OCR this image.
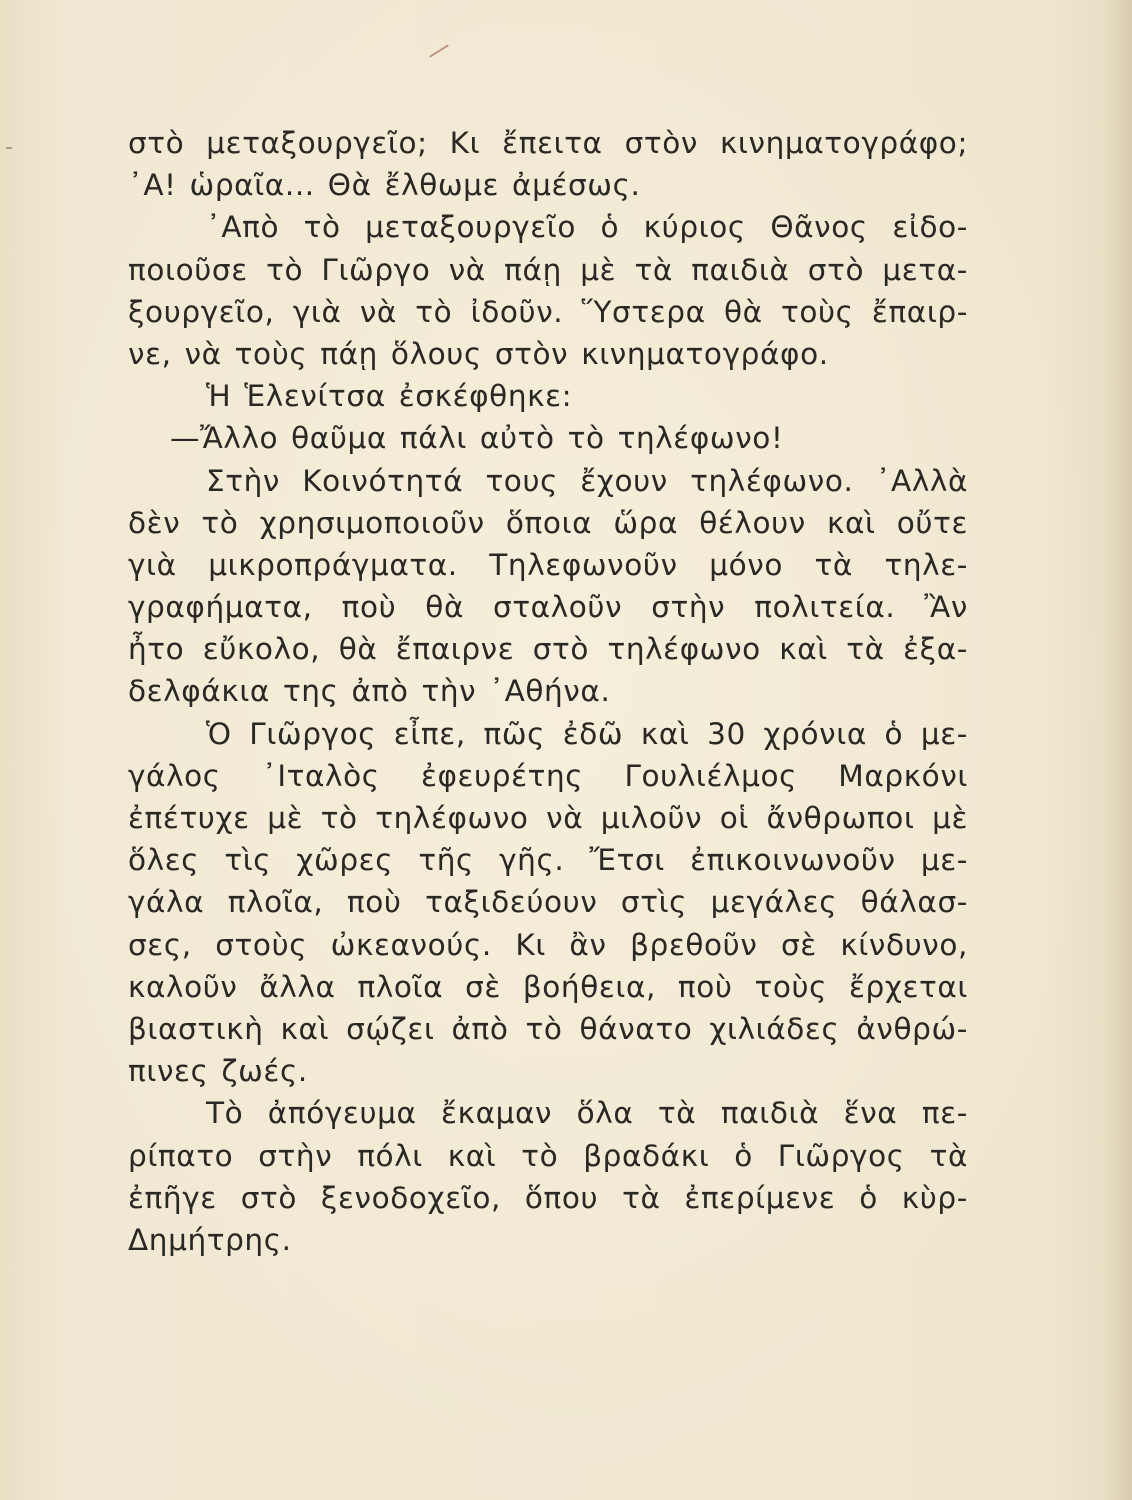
στὸ μεταξουργεῖο; Κι ἔπειτα στὸν κινηματογράφο;
᾿Α! ὡραῖα... Θὰ ἔλθωμε ἀμέσως.
᾿Απὸ τὸ μεταξουργεῖο ὁ κύριος Θᾶνος εἰδο-
ποιοῦσε τὸ Γιῶργο νὰ πάῃ μὲ τὰ παιδιὰ στὸ μετα-
ξουργεῖο, γιὰ νὰ τὸ ἰδοῦν. Ὕστερα θὰ τοὺς ἔπαιρ-
νε, νὰ τοὺς πάῃ ὅλους στὸν κινηματογράφο.
Ἡ Ἑλενίτσα ἐσκέφθηκε:
—Ἄλλο θαῦμα πάλι αὐτὸ τὸ τηλέφωνο!
Στὴν Κοινότητά τους ἔχουν τηλέφωνο. ᾿Αλλὰ
δὲν τὸ χρησιμοποιοῦν ὅποια ὥρα θέλουν καὶ οὔτε
γιὰ μικροπράγματα. Τηλεφωνοῦν μόνο τὰ τηλε-
γραφήματα, ποὺ θὰ σταλοῦν στὴν πολιτεία. Ἂν
ἦτο εὔκολο, θὰ ἔπαιρνε στὸ τηλέφωνο καὶ τὰ ἐξα-
δελφάκια της ἀπὸ τὴν ᾿Αθήνα.
Ὁ Γιῶργος εἶπε, πῶς ἐδῶ καὶ 30 χρόνια ὁ με-
γάλος ᾿Ιταλὸς ἐφευρέτης Γουλιέλμος Μαρκόνι
ἐπέτυχε μὲ τὸ τηλέφωνο νὰ μιλοῦν οἱ ἄνθρωποι μὲ
ὅλες τὶς χῶρες τῆς γῆς. Ἔτσι ἐπικοινωνοῦν με-
γάλα πλοῖα, ποὺ ταξιδεύουν στὶς μεγάλες θάλασ-
σες, στοὺς ὠκεανούς. Κι ἂν βρεθοῦν σὲ κίνδυνο,
καλοῦν ἄλλα πλοῖα σὲ βοήθεια, ποὺ τοὺς ἔρχεται
βιαστικὴ καὶ σῴζει ἀπὸ τὸ θάνατο χιλιάδες ἀνθρώ-
πινες ζωές.
Τὸ ἀπόγευμα ἔκαμαν ὅλα τὰ παιδιὰ ἕνα πε-
ρίπατο στὴν πόλι καὶ τὸ βραδάκι ὁ Γιῶργος τὰ
ἐπῆγε στὸ ξενοδοχεῖο, ὅπου τὰ ἐπερίμενε ὁ κὺρ-
Δημήτρης.
